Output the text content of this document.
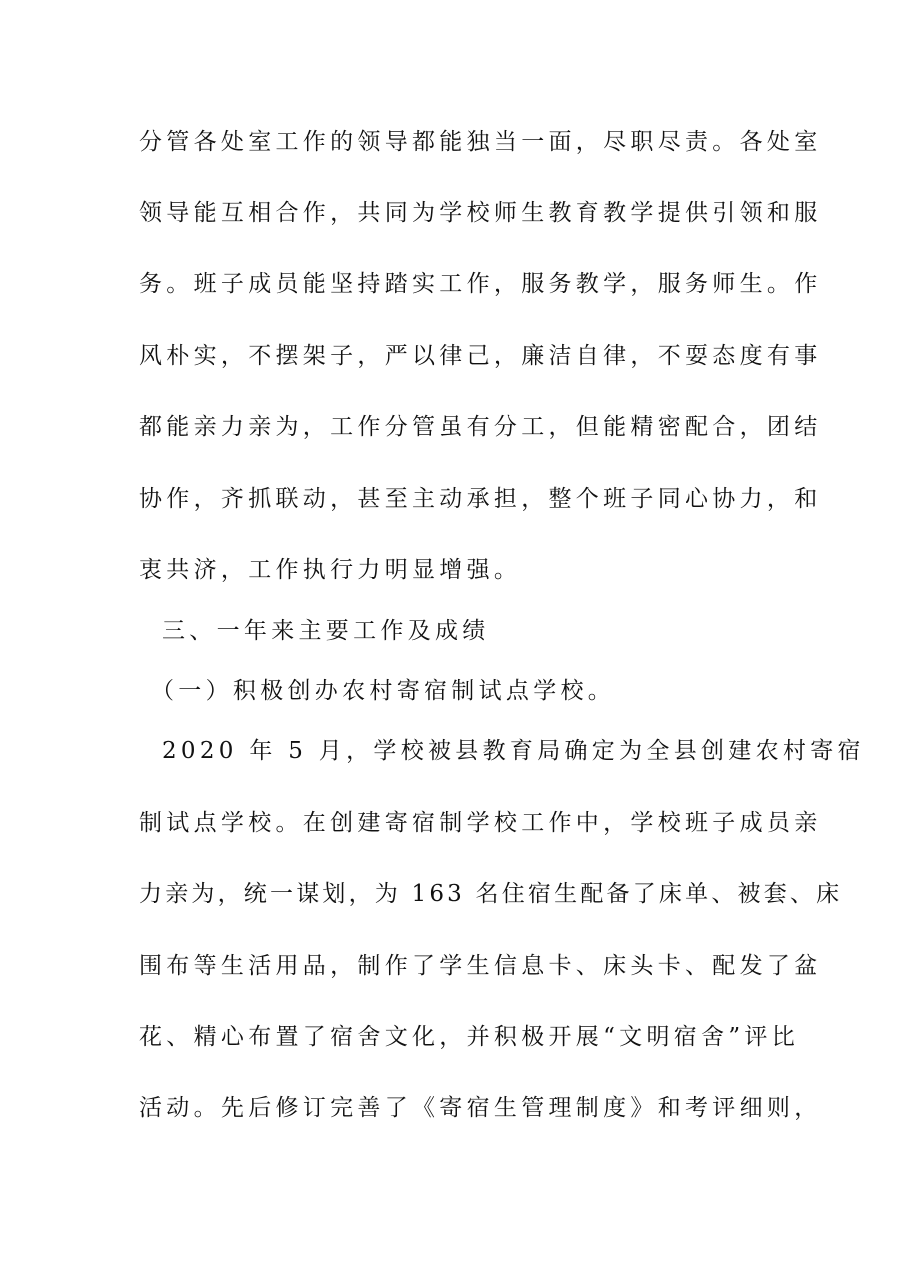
分管各处室工作的领导都能独当一面，尽职尽责。各处室
领导能互相合作，共同为学校师生教育教学提供引领和服
务。班子成员能坚持踏实工作，服务教学，服务师生。作
风朴实，不摆架子，严以律己，廉洁自律，不耍态度有事
都能亲力亲为，工作分管虽有分工，但能精密配合，团结
协作，齐抓联动，甚至主动承担，整个班子同心协力，和
衷共济，工作执行力明显增强。
三、一年来主要工作及成绩
（一）积极创办农村寄宿制试点学校。
2020 年 5 月，学校被县教育局确定为全县创建农村寄宿
制试点学校。在创建寄宿制学校工作中，学校班子成员亲
力亲为，统一谋划，为 163 名住宿生配备了床单、被套、床
围布等生活用品，制作了学生信息卡、床头卡、配发了盆
花、精心布置了宿舍文化，并积极开展“文明宿舍”评比
活动。先后修订完善了《寄宿生管理制度》和考评细则，
